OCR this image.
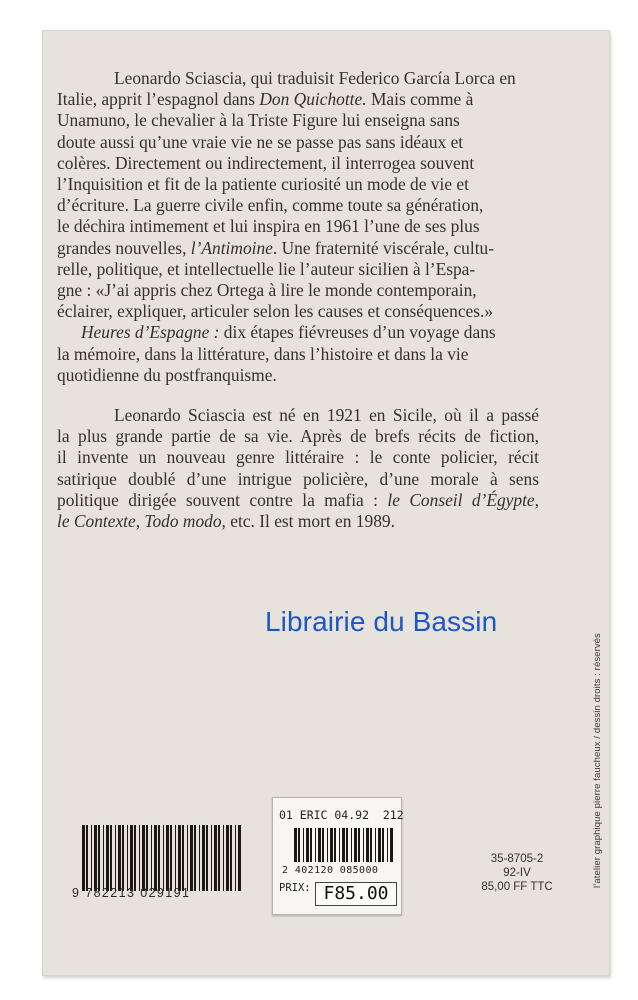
Leonardo Sciascia, qui traduisit Federico García Lorca en
Italie, apprit l’espagnol dans Don Quichotte. Mais comme à
Unamuno, le chevalier à la Triste Figure lui enseigna sans
doute aussi qu’une vraie vie ne se passe pas sans idéaux et
colères. Directement ou indirectement, il interrogea souvent
l’Inquisition et fit de la patiente curiosité un mode de vie et
d’écriture. La guerre civile enfin, comme toute sa génération,
le déchira intimement et lui inspira en 1961 l’une de ses plus
grandes nouvelles, l’Antimoine. Une fraternité viscérale, cultu-
relle, politique, et intellectuelle lie l’auteur sicilien à l’Espa-
gne : «J’ai appris chez Ortega à lire le monde contemporain,
éclairer, expliquer, articuler selon les causes et conséquences.»
Heures d’Espagne : dix étapes fiévreuses d’un voyage dans
la mémoire, dans la littérature, dans l’histoire et dans la vie
quotidienne du postfranquisme.
Leonardo Sciascia est né en 1921 en Sicile, où il a passé
la plus grande partie de sa vie. Après de brefs récits de fiction,
il invente un nouveau genre littéraire : le conte policier, récit
satirique doublé d’une intrigue policière, d’une morale à sens
politique dirigée souvent contre la mafia : le Conseil d’Égypte,
le Contexte, Todo modo, etc. Il est mort en 1989.
Librairie du Bassin
l’atelier graphique pierre faucheux / dessin droits : réservés
9 782213 029191
01 ERIC 04.92  212
2 402120 085000
PRIX: F85.00
35-8705-2
92-IV
85,00 FF TTC
